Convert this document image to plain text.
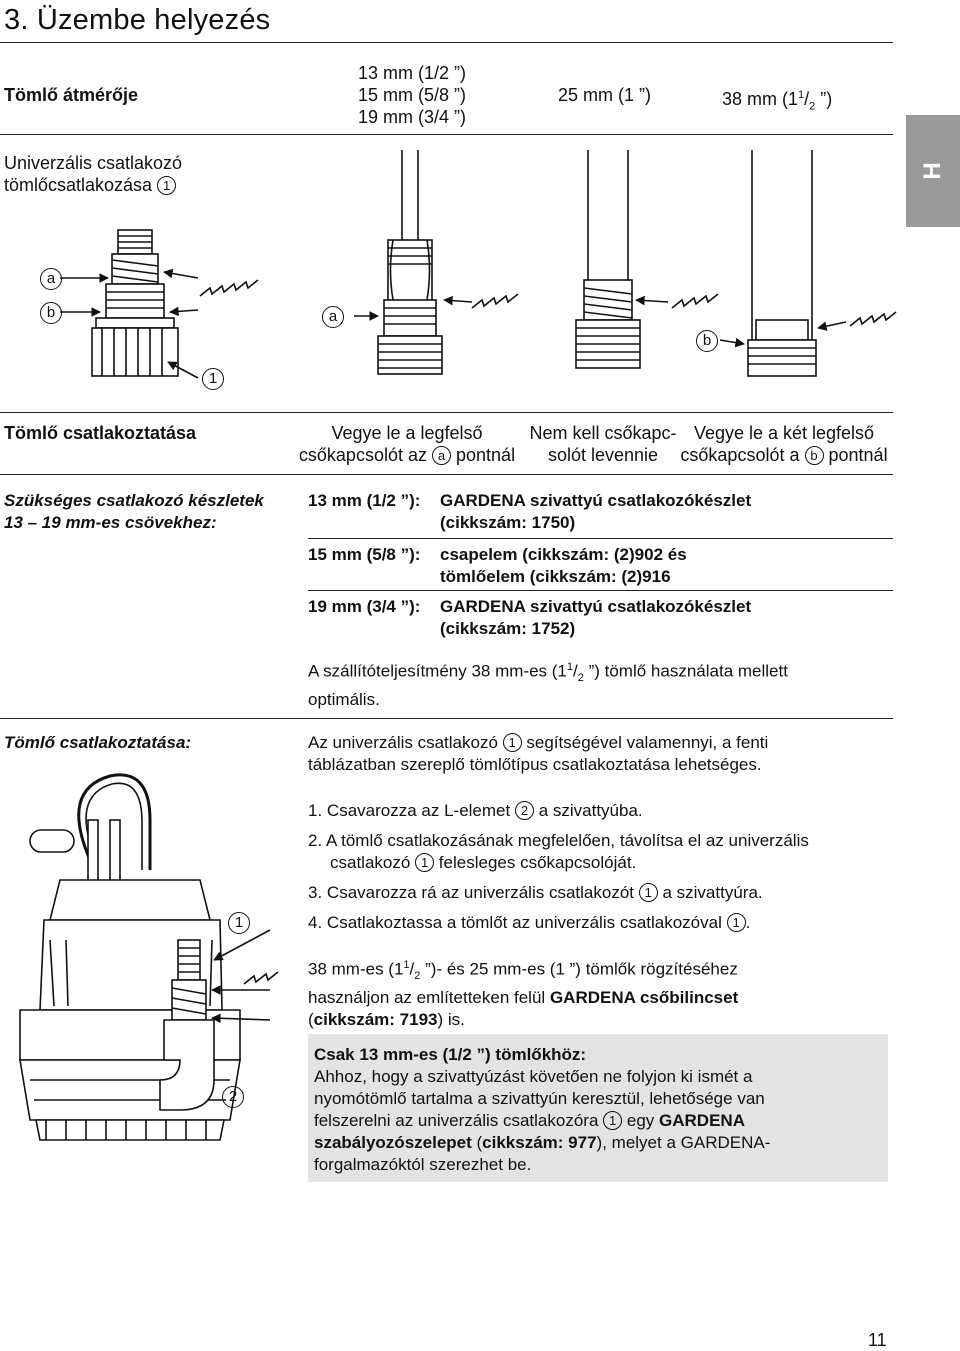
3. Üzembe helyezés
H
Tömlő átmérője
13 mm (1/2 ”)
15 mm (5/8 ”)
19 mm (3/4 ”)
25 mm (1 ”)	38 mm ($1^1/_2$ ”)
Univerzális csatlakozó
tömlőcsatlakozása 1
a
b
1
a
b
Tömlő csatlakoztatása	Vegye le a legfelső
csőkapcsolót az a pontnál
Nem kell csőkapc-
solót levennie
Vegye le a két legfelső
csőkapcsolót a b pontnál
Szükséges csatlakozó készletek
13 – 19 mm-es csövekhez:
13 mm (1/2 ”): GARDENA szivattyú csatlakozókészlet
(cikkszám: 1750)
15 mm (5/8 ”): csapelem (cikkszám: (2)902 és
tömlőelem (cikkszám: (2)916
19 mm (3/4 ”): GARDENA szivattyú csatlakozókészlet
(cikkszám: 1752)
A szállítóteljesítmény 38 mm-es ($1^1/_2$ ”) tömlő használata mellett
optimális.
Tömlő csatlakoztatása:	Az univerzális csatlakozó 1 segítségével valamennyi, a fenti
táblázatban szereplő tömlőtípus csatlakoztatása lehetséges.
1. Csavarozza az L-elemet 2 a szivattyúba.
2. A tömlő csatlakozásának megfelelően, távolítsa el az univerzális
csatlakozó 1 felesleges csőkapcsolóját.
3. Csavarozza rá az univerzális csatlakozót 1 a szivattyúra.
4. Csatlakoztassa a tömlőt az univerzális csatlakozóval 1 .
38 mm-es ($1^1/_2$ ”)- és 25 mm-es (1 ”) tömlők rögzítéséhez
használjon az említetteken felül GARDENA csőbilincset
(cikkszám: 7193) is.
1
2
Csak 13 mm-es (1/2 ”) tömlőkhöz:
Ahhoz, hogy a szivattyúzást követően ne folyjon ki ismét a
nyomótömlő tartalma a szivattyún keresztül, lehetősége van
felszerelni az univerzális csatlakozóra 1 egy GARDENA
szabályozószelepet (cikkszám: 977), melyet a GARDENA-
forgalmazóktól szerezhet be.
11
